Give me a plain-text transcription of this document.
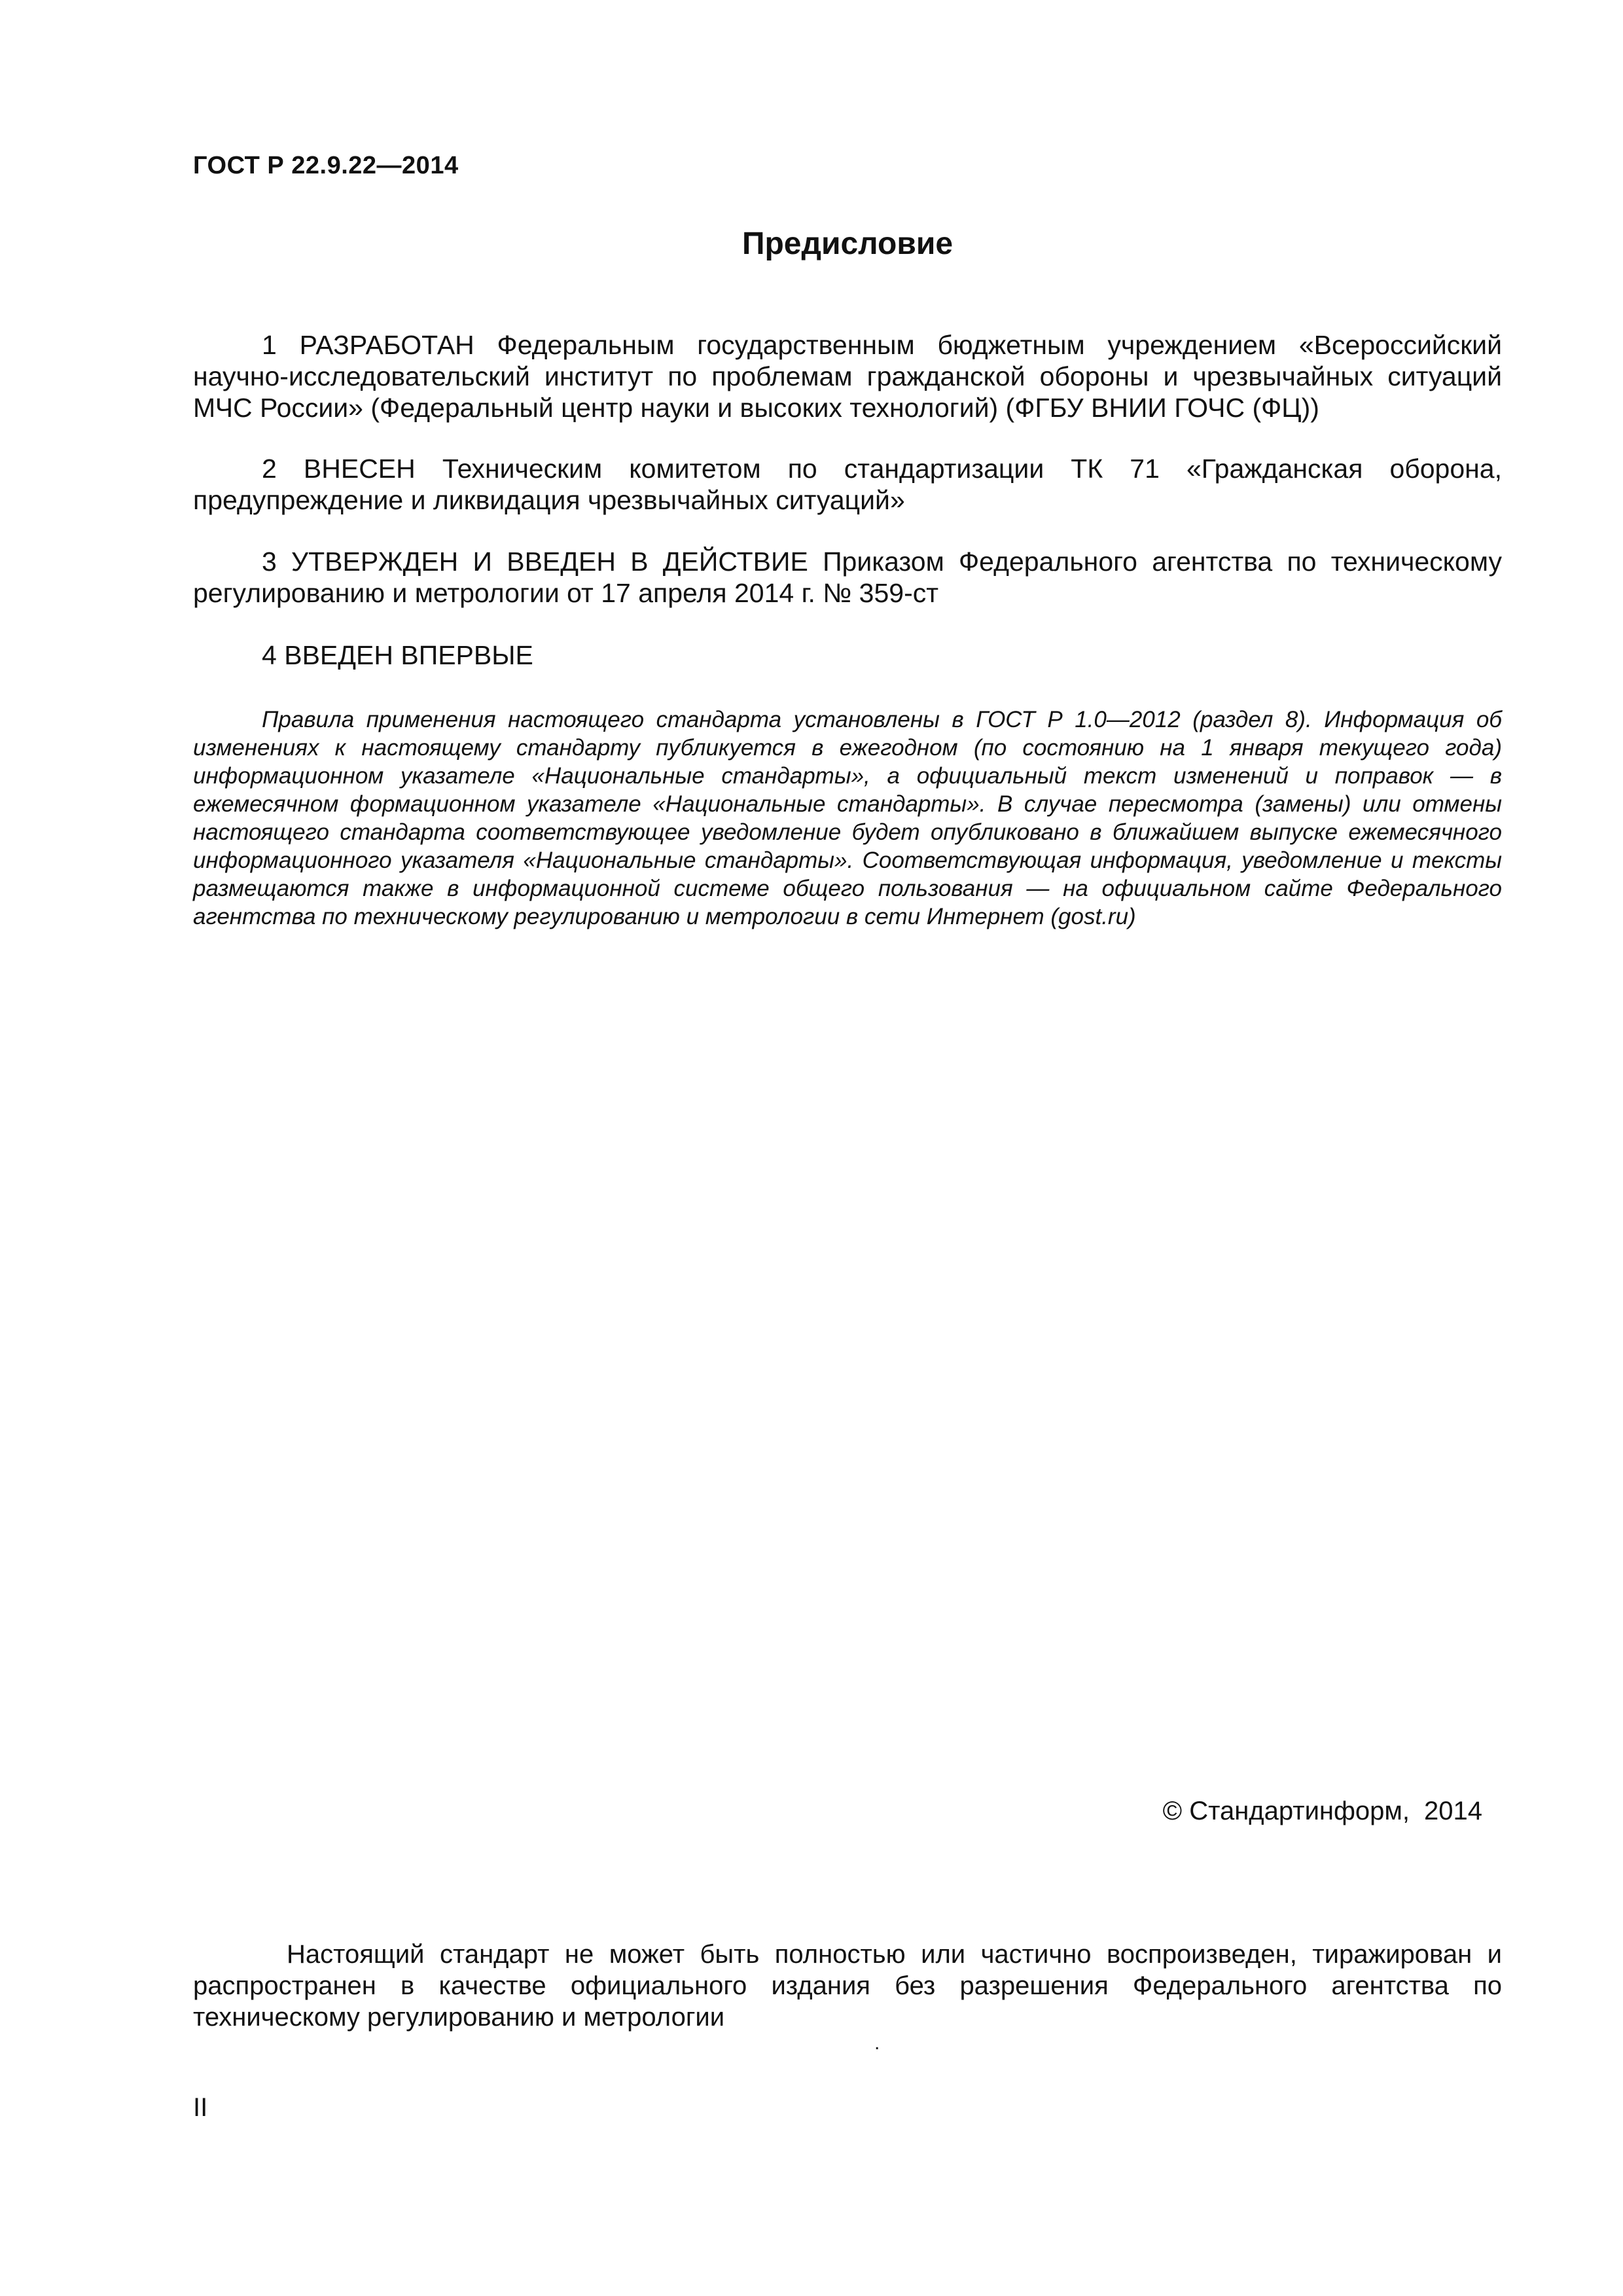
ГОСТ Р 22.9.22—2014
Предисловие
1 РАЗРАБОТАН Федеральным государственным бюджетным учреждением «Всероссийский научно-исследовательский институт по проблемам гражданской обороны и чрезвычайных ситуаций МЧС России» (Федеральный центр науки и высоких технологий) (ФГБУ ВНИИ ГОЧС (ФЦ))
2 ВНЕСЕН Техническим комитетом по стандартизации ТК 71 «Гражданская оборона, предупреждение и ликвидация чрезвычайных ситуаций»
3 УТВЕРЖДЕН И ВВЕДЕН В ДЕЙСТВИЕ Приказом Федерального агентства по техническому регулированию и метрологии от 17 апреля 2014 г. № 359-ст
4 ВВЕДЕН ВПЕРВЫЕ
Правила применения настоящего стандарта установлены в ГОСТ Р 1.0—2012 (раздел 8). Информация об изменениях к настоящему стандарту публикуется в ежегодном (по состоянию на 1 января текущего года) информационном указателе «Национальные стандарты», а официальный текст изменений и поправок — в ежемесячном формационном указателе «Национальные стандарты». В случае пересмотра (замены) или отмены настоящего стандарта соответствующее уведомление будет опубликовано в ближайшем выпуске ежемесячного информационного указателя «Национальные стандарты». Соответствующая информация, уведомление и тексты размещаются также в информационной системе общего пользования — на официальном сайте Федерального агентства по техническому регулированию и метрологии в сети Интернет (gost.ru)
© Стандартинформ, 2014
Настоящий стандарт не может быть полностью или частично воспроизведен, тиражирован и распространен в качестве официального издания без разрешения Федерального агентства по техническому регулированию и метрологии
.
II
